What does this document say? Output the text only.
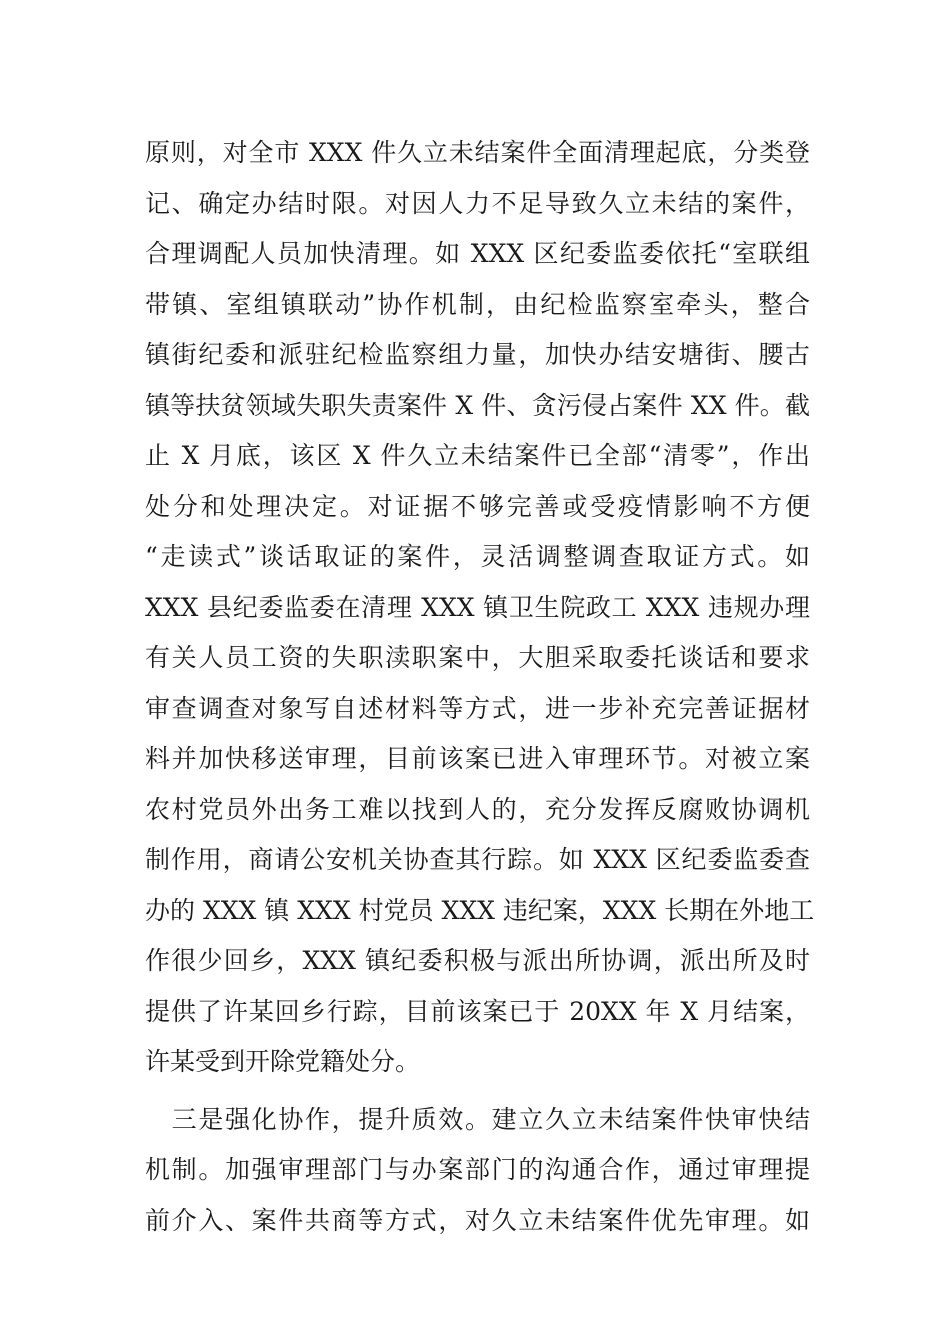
原则，对全市 XXX 件久立未结案件全面清理起底，分类登
记、确定办结时限。对因人力不足导致久立未结的案件，
合理调配人员加快清理。如 XXX 区纪委监委依托“室联组
带镇、室组镇联动”协作机制，由纪检监察室牵头，整合
镇街纪委和派驻纪检监察组力量，加快办结安塘街、腰古
镇等扶贫领域失职失责案件 X 件、贪污侵占案件 XX 件。截
止 X 月底，该区 X 件久立未结案件已全部“清零”，作出
处分和处理决定。对证据不够完善或受疫情影响不方便
“走读式”谈话取证的案件，灵活调整调查取证方式。如
XXX 县纪委监委在清理 XXX 镇卫生院政工 XXX 违规办理
有关人员工资的失职渎职案中，大胆采取委托谈话和要求
审查调查对象写自述材料等方式，进一步补充完善证据材
料并加快移送审理，目前该案已进入审理环节。对被立案
农村党员外出务工难以找到人的，充分发挥反腐败协调机
制作用，商请公安机关协查其行踪。如 XXX 区纪委监委查
办的 XXX 镇 XXX 村党员 XXX 违纪案，XXX 长期在外地工
作很少回乡，XXX 镇纪委积极与派出所协调，派出所及时
提供了许某回乡行踪，目前该案已于 20XX 年 X 月结案，
许某受到开除党籍处分。
　三是强化协作，提升质效。建立久立未结案件快审快结
机制。加强审理部门与办案部门的沟通合作，通过审理提
前介入、案件共商等方式，对久立未结案件优先审理。如
